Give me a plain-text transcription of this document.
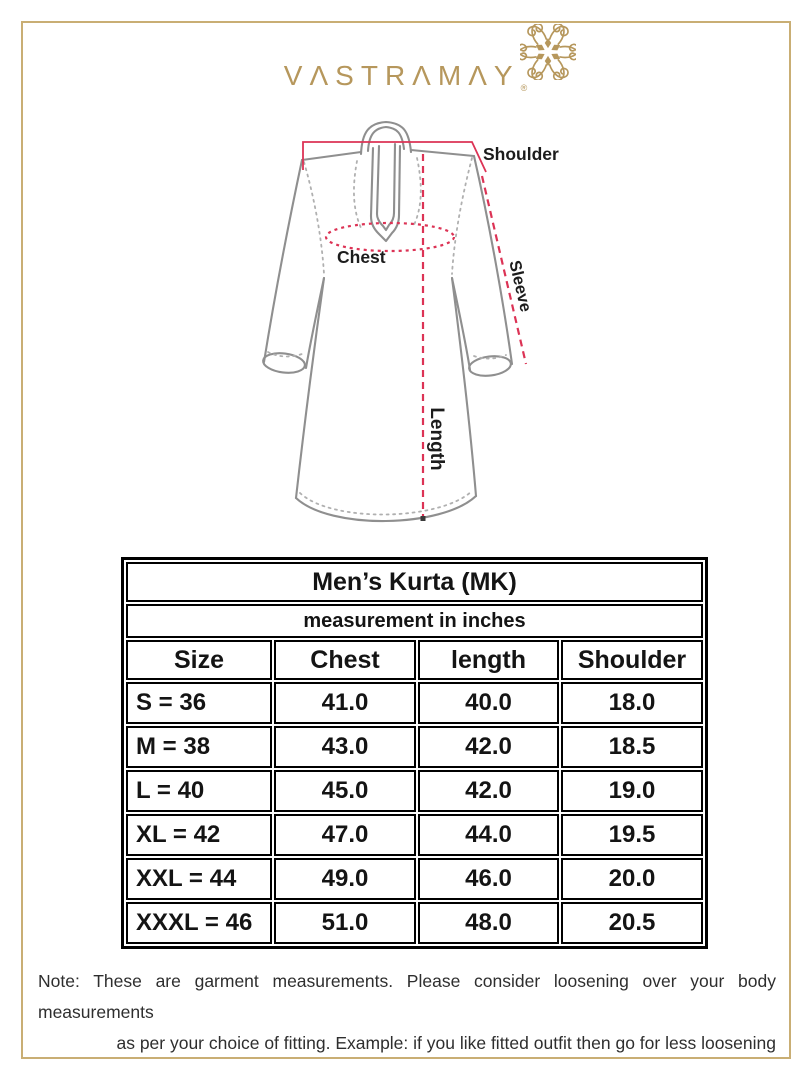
$V\Lambda STR\Lambda M\Lambda Y_®$
Shoulder
Chest
Sleeve
Length
Men’s Kurta (MK)			
measurement in inches			
Size	Chest	length	Shoulder
S = 36	41.0	40.0	18.0
M = 38	43.0	42.0	18.5
L = 40	45.0	42.0	19.0
XL = 42	47.0	44.0	19.5
XXL = 44	49.0	46.0	20.0
XXXL = 46	51.0	48.0	20.5
Note: These are garment measurements. Please consider loosening over your body measurements
as per your choice of fitting. Example: if you like fitted outfit then go for less loosening
